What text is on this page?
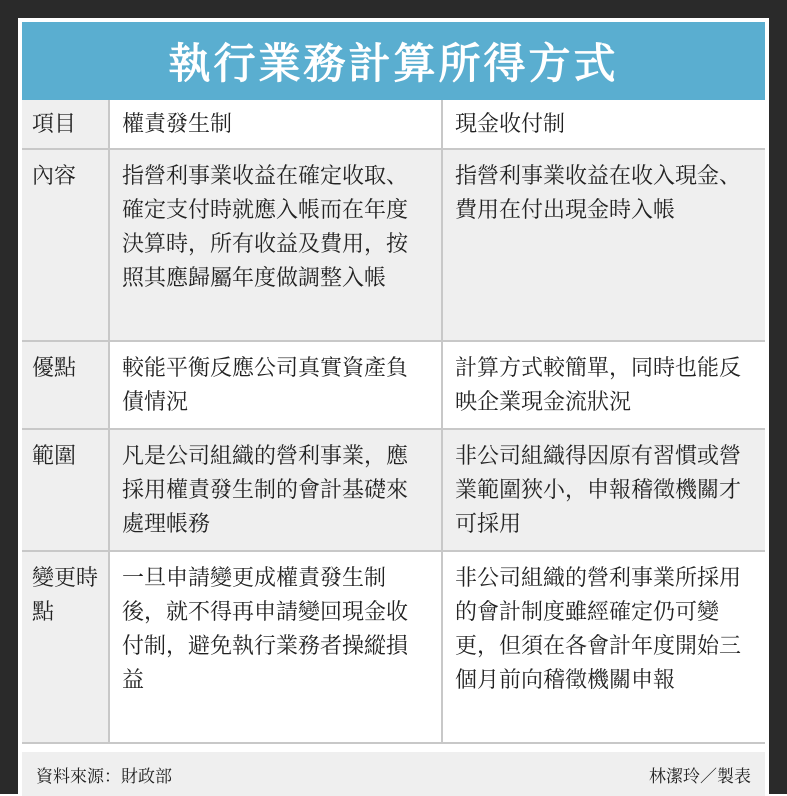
執行業務計算所得方式
項目	權責發生制	現金收付制

內容	指營利事業收益在確定收取、確定支付時就應入帳而在年度決算時，所有收益及費用，按照其應歸屬年度做調整入帳	指營利事業收益在收入現金、費用在付出現金時入帳

優點	較能平衡反應公司真實資產負債情況	計算方式較簡單，同時也能反映企業現金流狀況

範圍	凡是公司組織的營利事業，應採用權責發生制的會計基礎來處理帳務	非公司組織得因原有習慣或營業範圍狹小，申報稽徵機關才可採用

變更時點	一旦申請變更成權責發生制後，就不得再申請變回現金收付制，避免執行業務者操縱損益	非公司組織的營利事業所採用的會計制度雖經確定仍可變更，但須在各會計年度開始三個月前向稽徵機關申報
資料來源：財政部	林潔玲／製表
